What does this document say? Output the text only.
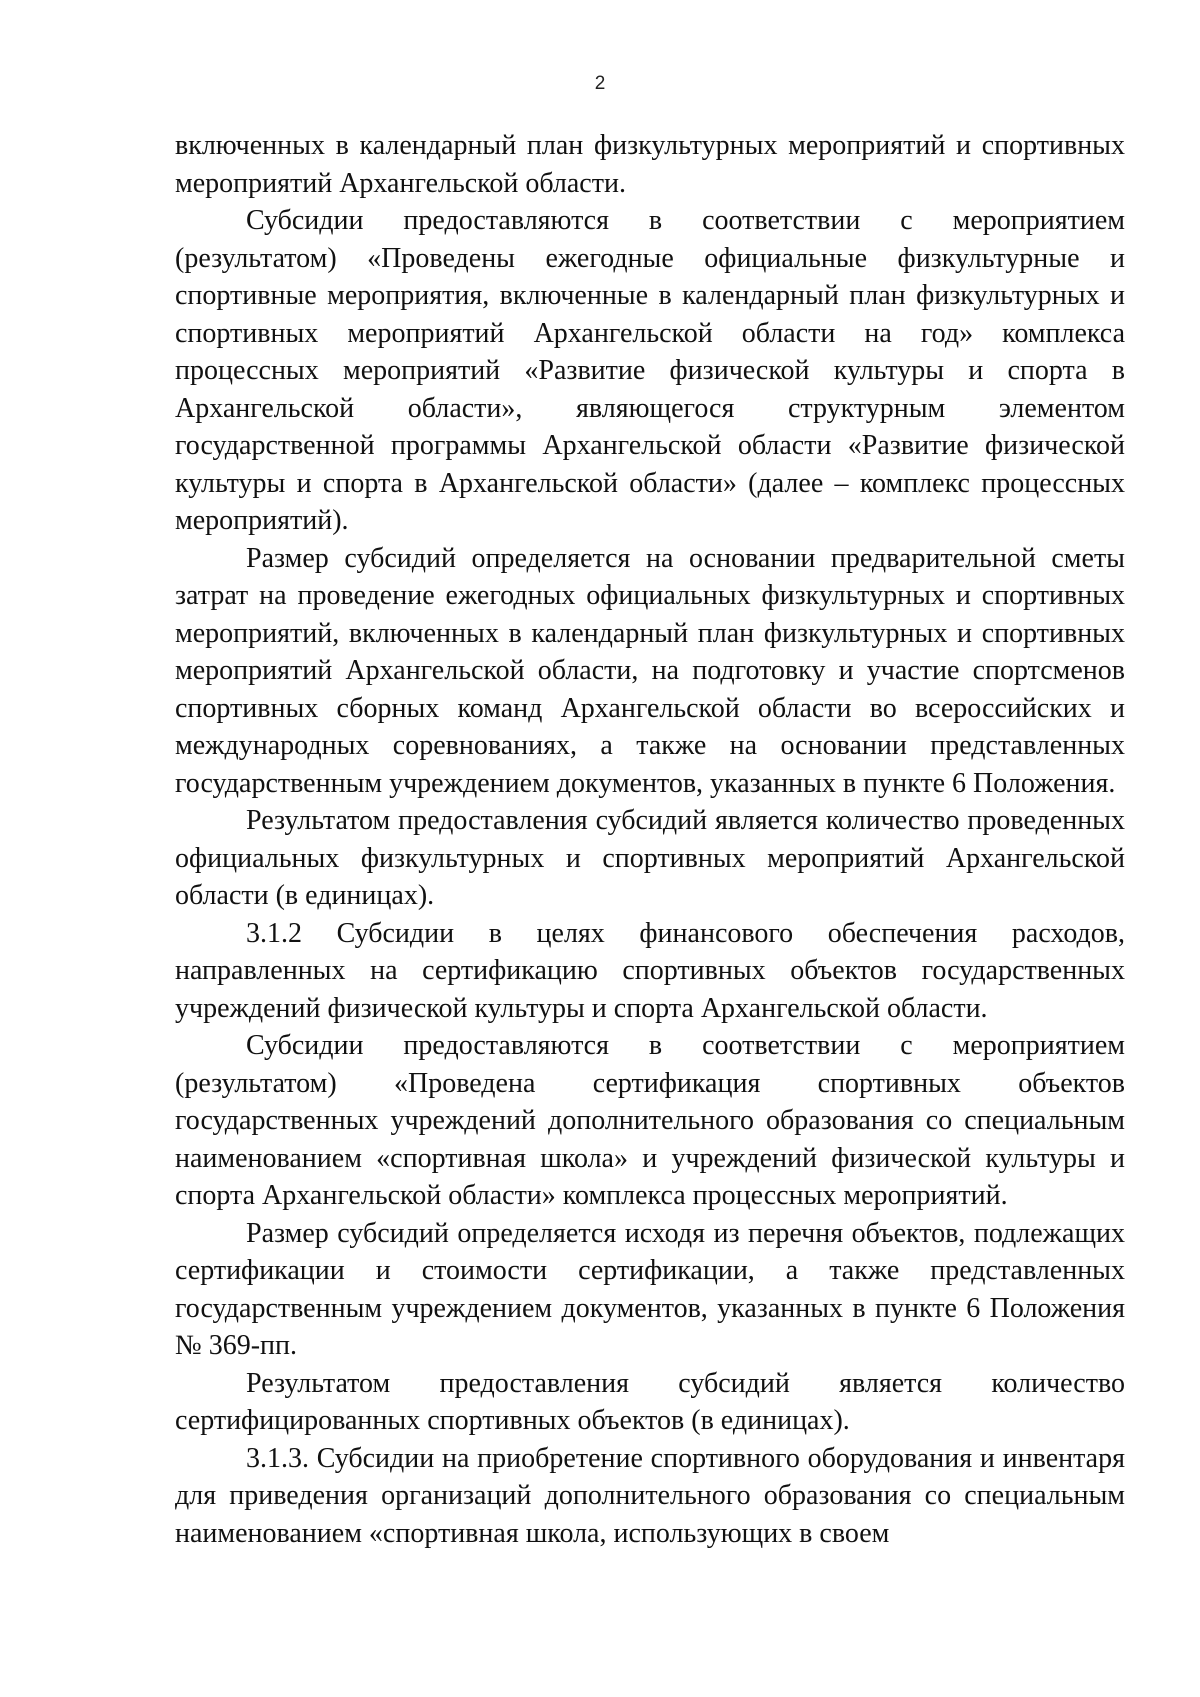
2

включенных в календарный план физкультурных мероприятий и спортивных мероприятий Архангельской области.

Субсидии предоставляются в соответствии с мероприятием (результатом) «Проведены ежегодные официальные физкультурные и спортивные мероприятия, включенные в календарный план физкультурных и спортивных мероприятий Архангельской области на год» комплекса процессных мероприятий «Развитие физической культуры и спорта в Архангельской области», являющегося структурным элементом государственной программы Архангельской области «Развитие физической культуры и спорта в Архангельской области» (далее – комплекс процессных мероприятий).

Размер субсидий определяется на основании предварительной сметы затрат на проведение ежегодных официальных физкультурных и спортивных мероприятий, включенных в календарный план физкультурных и спортивных мероприятий Архангельской области, на подготовку и участие спортсменов спортивных сборных команд Архангельской области во всероссийских и международных соревнованиях, а также на основании представленных государственным учреждением документов, указанных в пункте 6 Положения.

Результатом предоставления субсидий является количество проведенных официальных физкультурных и спортивных мероприятий Архангельской области (в единицах).

3.1.2 Субсидии в целях финансового обеспечения расходов, направленных на сертификацию спортивных объектов государственных учреждений физической культуры и спорта Архангельской области.

Субсидии предоставляются в соответствии с мероприятием (результатом) «Проведена сертификация спортивных объектов государственных учреждений дополнительного образования со специальным наименованием «спортивная школа» и учреждений физической культуры и спорта Архангельской области» комплекса процессных мероприятий.

Размер субсидий определяется исходя из перечня объектов, подлежащих сертификации и стоимости сертификации, а также представленных государственным учреждением документов, указанных в пункте 6 Положения № 369-пп.

Результатом предоставления субсидий является количество сертифицированных спортивных объектов (в единицах).

3.1.3. Субсидии на приобретение спортивного оборудования и инвентаря для приведения организаций дополнительного образования со специальным наименованием «спортивная школа, использующих в своем
